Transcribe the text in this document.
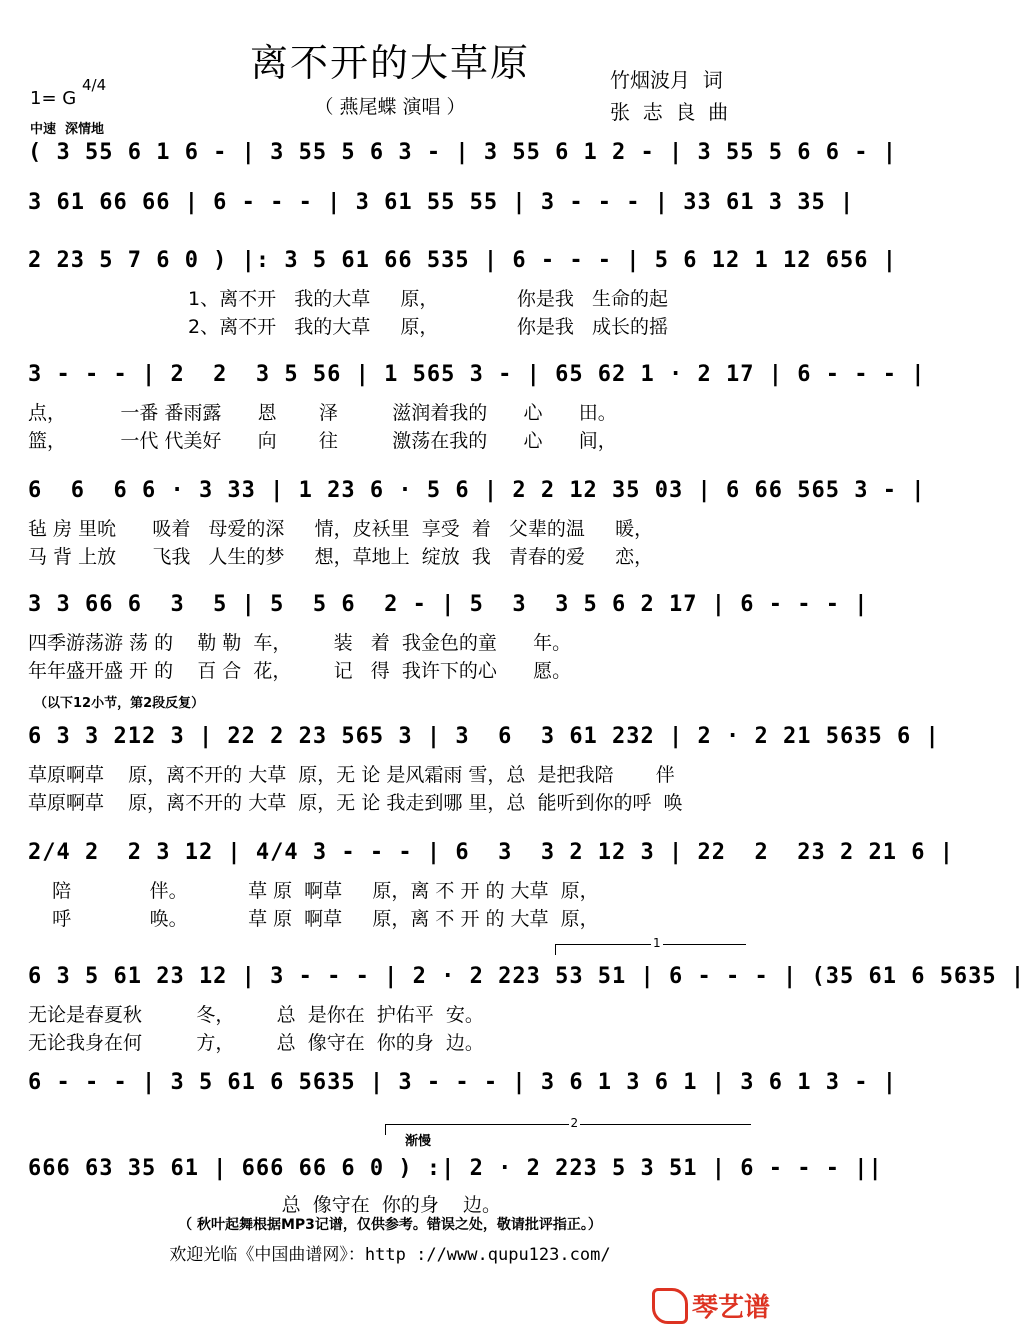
离不开的大草原
（ 燕尾蝶 演唱 ）
竹烟波月  词
张  志  良  曲
1= G
4/4
中速  深情地
( 3 55 6 1 6 - | 3 55 5 6 3 - | 3 55 6 1 2 - | 3 55 5 6 6 - |
3 61 66 66 | 6 - - - | 3 61 55 55 | 3 - - - | 33 61 3 35 |
2 23 5 7 6 0 ) |: 3 5 61 66 535 | 6 - - - | 5 6 12 1 12 656 |
1、离不开   我的大草     原，             你是我   生命的起
2、离不开   我的大草     原，             你是我   成长的摇
3 - - - | 2  2  3 5 56 | 1 565 3 - | 65 62 1 · 2 17 | 6 - - - |
点，         一番 番雨露      恩       泽         滋润着我的      心      田。
篮，         一代 代美好      向       往         激荡在我的      心      间，
6  6  6 6 · 3 33 | 1 23 6 · 5 6 | 2 2 12 35 03 | 6 66 565 3 - |
毡 房 里吮      吸着   母爱的深     情，皮袄里  享受  着   父辈的温     暖，
马 背 上放      飞我   人生的梦     想，草地上  绽放  我   青春的爱     恋，
3 3 66 6  3  5 | 5  5 6  2 - | 5  3  3 5 6 2 17 | 6 - - - |
四季游荡游 荡 的    勒 勒  车，       装   着  我金色的童      年。
年年盛开盛 开 的    百 合  花，       记   得  我许下的心      愿。
（以下12小节，第2段反复）
6 3 3 212 3 | 22 2 23 565 3 | 3  6  3 61 232 | 2 · 2 21 5635 6 |
草原啊草    原，离不开的 大草  原，无 论 是风霜雨 雪，总  是把我陪       伴
草原啊草    原，离不开的 大草  原，无 论 我走到哪 里，总  能听到你的呼  唤
2/4 2  2 3 12 | 4/4 3 - - - | 6  3  3 2 12 3 | 22  2  23 2 21 6 |
陪             伴。          草 原  啊草     原，离 不 开 的 大草  原，
呼             唤。          草 原  啊草     原，离 不 开 的 大草  原，
1
6 3 5 61 23 12 | 3 - - - | 2 · 2 223 53 51 | 6 - - - | (35 61 6 5635 |
无论是春夏秋         冬，       总  是你在  护佑平  安。
无论我身在何         方，       总  像守在  你的身  边。
6 - - - | 3 5 61 6 5635 | 3 - - - | 3 6 1 3 6 1 | 3 6 1 3 - |
2
渐慢
666 63 35 61 | 666 66 6 0 ) :| 2 · 2 223 5 3 51 | 6 - - - ||
总  像守在  你的身    边。
（ 秋叶起舞根据MP3记谱，仅供参考。错误之处，敬请批评指正。）
欢迎光临《中国曲谱网》：http ://www.qupu123.com/
琴艺谱
